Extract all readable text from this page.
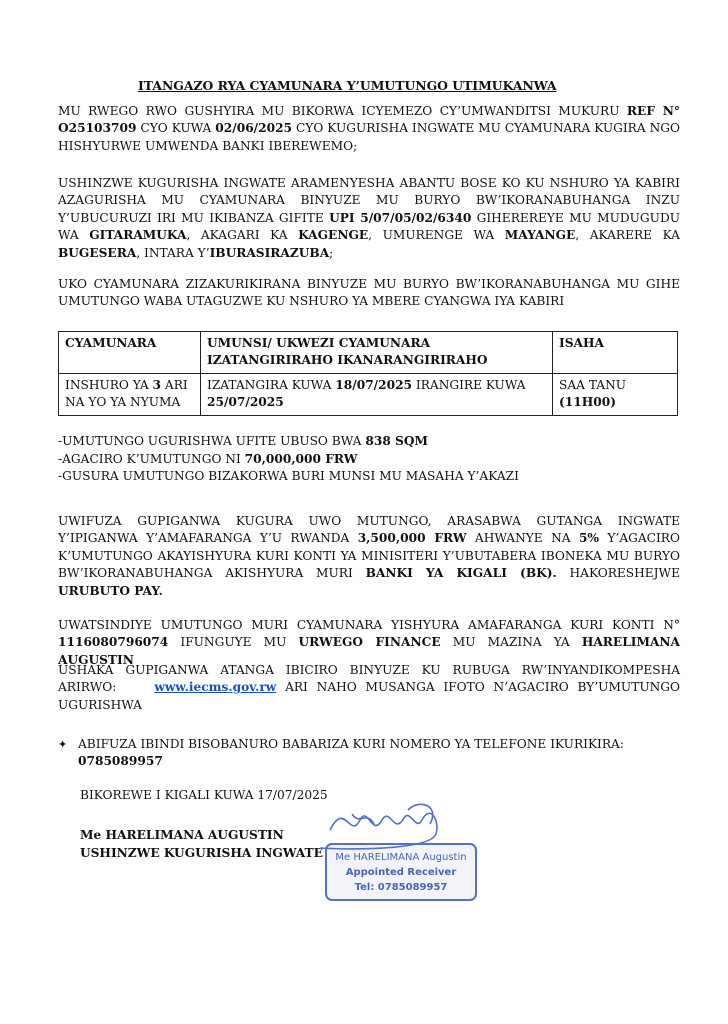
ITANGAZO RYA CYAMUNARA Y’UMUTUNGO UTIMUKANWA
MU RWEGO RWO GUSHYIRA MU BIKORWA ICYEMEZO CY’UMWANDITSI MUKURU REF N° O25103709 CYO KUWA 02/06/2025 CYO KUGURISHA INGWATE MU CYAMUNARA KUGIRA NGO HISHYURWE UMWENDA BANKI IBEREWEMO;
USHINZWE KUGURISHA INGWATE ARAMENYESHA ABANTU BOSE KO KU NSHURO YA KABIRI AZAGURISHA MU CYAMUNARA BINYUZE MU BURYO BW’IKORANABUHANGA INZU Y’UBUCURUZI IRI MU IKIBANZA GIFITE UPI 5/07/05/02/6340 GIHEREREYE MU MUDUGUDU WA GITARAMUKA, AKAGARI KA KAGENGE, UMURENGE WA MAYANGE, AKARERE KA BUGESERA, INTARA Y’IBURASIRAZUBA;
UKO CYAMUNARA ZIZAKURIKIRANA BINYUZE MU BURYO BW’IKORANABUHANGA MU GIHE UMUTUNGO WABA UTAGUZWE KU NSHURO YA MBERE CYANGWA IYA KABIRI
CYAMUNARA	UMUNSI/ UKWEZI CYAMUNARA IZATANGIRIRAHO IKANARANGIRIRAHO	ISAHA
INSHURO YA 3 ARI NA YO YA NYUMA	IZATANGIRA KUWA 18/07/2025 IRANGIRE KUWA 25/07/2025	SAA TANU (11H00)
-UMUTUNGO UGURISHWA UFITE UBUSO BWA 838 SQM
-AGACIRO K’UMUTUNGO NI 70,000,000 FRW
-GUSURA UMUTUNGO BIZAKORWA BURI MUNSI MU MASAHA Y’AKAZI
UWIFUZA GUPIGANWA KUGURA UWO MUTUNGO, ARASABWA GUTANGA INGWATE Y’IPIGANWA Y’AMAFARANGA Y’U RWANDA 3,500,000 FRW AHWANYE NA 5% Y’AGACIRO K’UMUTUNGO AKAYISHYURA KURI KONTI YA MINISITERI Y’UBUTABERA IBONEKA MU BURYO BW’IKORANABUHANGA AKISHYURA MURI BANKI YA KIGALI (BK). HAKORESHEJWE URUBUTO PAY.
UWATSINDIYE UMUTUNGO MURI CYAMUNARA YISHYURA AMAFARANGA KURI KONTI N° 1116080796074 IFUNGUYE MU URWEGO FINANCE MU MAZINA YA HARELIMANA AUGUSTIN
USHAKA GUPIGANWA ATANGA IBICIRO BINYUZE KU RUBUGA RW’INYANDIKOMPESHA ARIRWO:	www.iecms.gov.rw ARI NAHO MUSANGA IFOTO N’AGACIRO BY’UMUTUNGO UGURISHWA
✦ ABIFUZA IBINDI BISOBANURO BABARIZA KURI NOMERO YA TELEFONE IKURIKIRA:
0785089957
BIKOREWE I KIGALI KUWA 17/07/2025
Me HARELIMANA AUGUSTIN
USHINZWE KUGURISHA INGWATE Me HARELIMANA Augustin
Appointed Receiver
Tel: 0785089957
